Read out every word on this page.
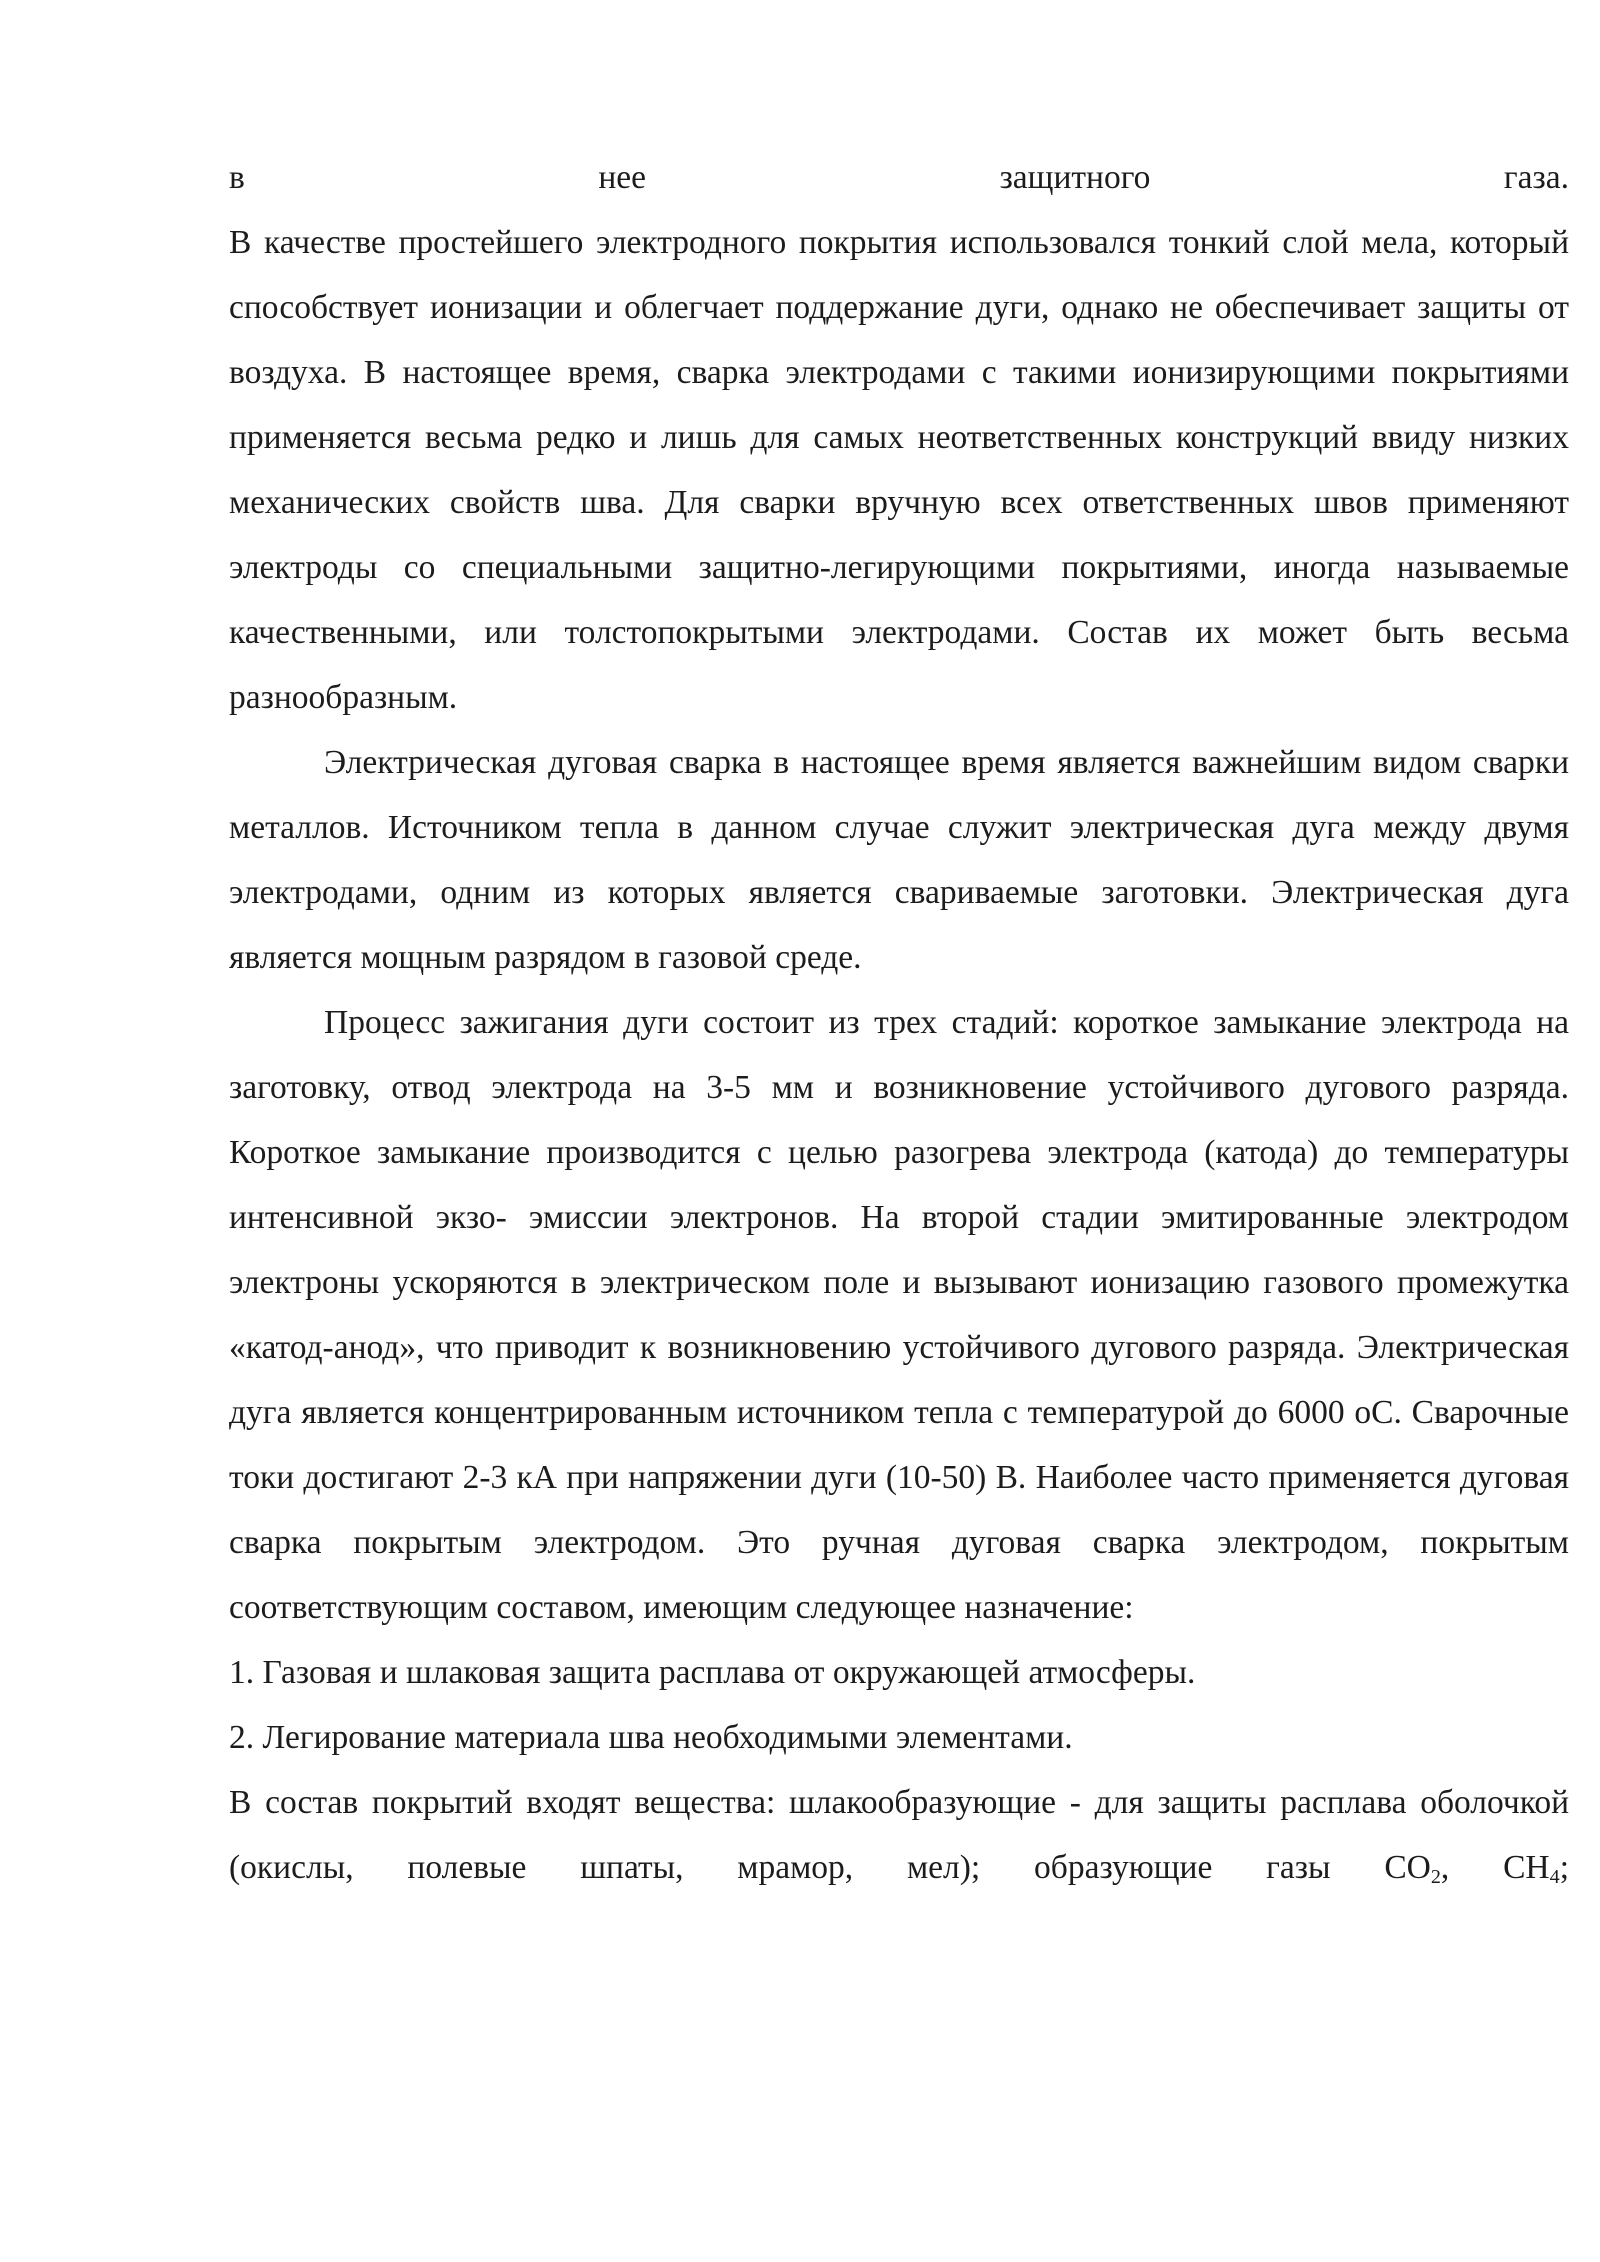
в нее защитного газа.

В качестве простейшего электродного покрытия использовался тонкий слой мела, который способствует ионизации и облегчает поддержание дуги, однако не обеспечивает защиты от воздуха. В настоящее время, сварка электродами с такими ионизирующими покрытиями применяется весьма редко и лишь для самых неответственных конструкций ввиду низких механических свойств шва. Для сварки вручную всех ответственных швов применяют электроды со специальными защитно-легирующими покрытиями, иногда называемые качественными, или толстопокрытыми электродами. Состав их может быть весьма разнообразным.

Электрическая дуговая сварка в настоящее время является важнейшим видом сварки металлов. Источником тепла в данном случае служит электрическая дуга между двумя электродами, одним из которых является свариваемые заготовки. Электрическая дуга является мощным разрядом в газовой среде.

Процесс зажигания дуги состоит из трех стадий: короткое замыкание электрода на заготовку, отвод электрода на 3-5 мм и возникновение устойчивого дугового разряда. Короткое замыкание производится с целью разогрева электрода (катода) до температуры интенсивной экзо- эмиссии электронов. На второй стадии эмитированные электродом электроны ускоряются в электрическом поле и вызывают ионизацию газового промежутка «катод-анод», что приводит к возникновению устойчивого дугового разряда. Электрическая дуга является концентрированным источником тепла с температурой до 6000 оС. Сварочные токи достигают 2-3 кА при напряжении дуги (10-50) В. Наиболее часто применяется дуговая сварка покрытым электродом. Это ручная дуговая сварка электродом, покрытым соответствующим составом, имеющим следующее назначение:

1. Газовая и шлаковая защита расплава от окружающей атмосферы.

2. Легирование материала шва необходимыми элементами.

В состав покрытий входят вещества: шлакообразующие - для защиты расплава оболочкой (окислы, полевые шпаты, мрамор, мел); образующие газы $СО_2$, $СН_4$;
